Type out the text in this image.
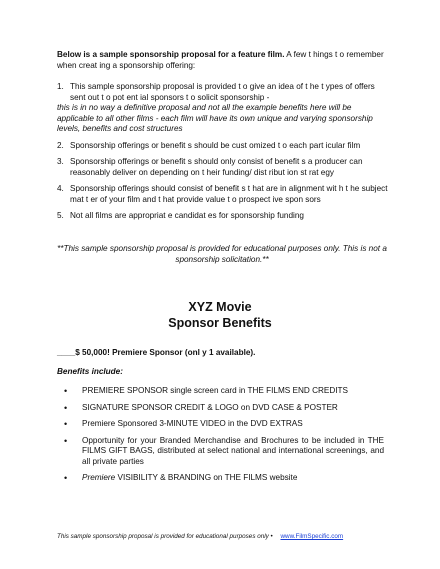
Below is a sample sponsorship proposal for a feature film. A few t hings t o remember when creat ing a sponsorship offering:
1. This sample sponsorship proposal is provided t o give an idea of t he t ypes of offers sent out t o pot ent ial sponsors t o solicit sponsorship -
this is in no way a definitive proposal and not all the example benefits here will be applicable to all other films - each film will have its own unique and varying sponsorship levels, benefits and cost structures
2. Sponsorship offerings or benefit s should be cust omized t o each part icular film
3. Sponsorship offerings or benefit s should only consist of benefit s a producer can reasonably deliver on depending on t heir funding/ dist ribut ion st rat egy
4. Sponsorship offerings should consist of benefit s t hat are in alignment wit h t he subject mat t er of your film and t hat provide value t o prospect ive spon sors
5. Not all films are appropriat e candidat es for sponsorship funding
**This sample sponsorship proposal is provided for educational purposes only. This is not a sponsorship solicitation.**
XYZ Movie
Sponsor Benefits
____$ 50,000! Premiere Sponsor (onl y 1 available).
Benefits include:
• PREMIERE SPONSOR single screen card in THE FILMS END CREDITS
• SIGNATURE SPONSOR CREDIT & LOGO on DVD CASE & POSTER
• Premiere Sponsored 3-MINUTE VIDEO in the DVD EXTRAS
• Opportunity for your Branded Merchandise and Brochures to be included in THE FILMS GIFT BAGS, distributed at select national and international screenings, and all private parties
• Premiere VISIBILITY & BRANDING on THE FILMS website
This sample sponsorship proposal is provided for educational purposes only • www.FilmSpecific.com
